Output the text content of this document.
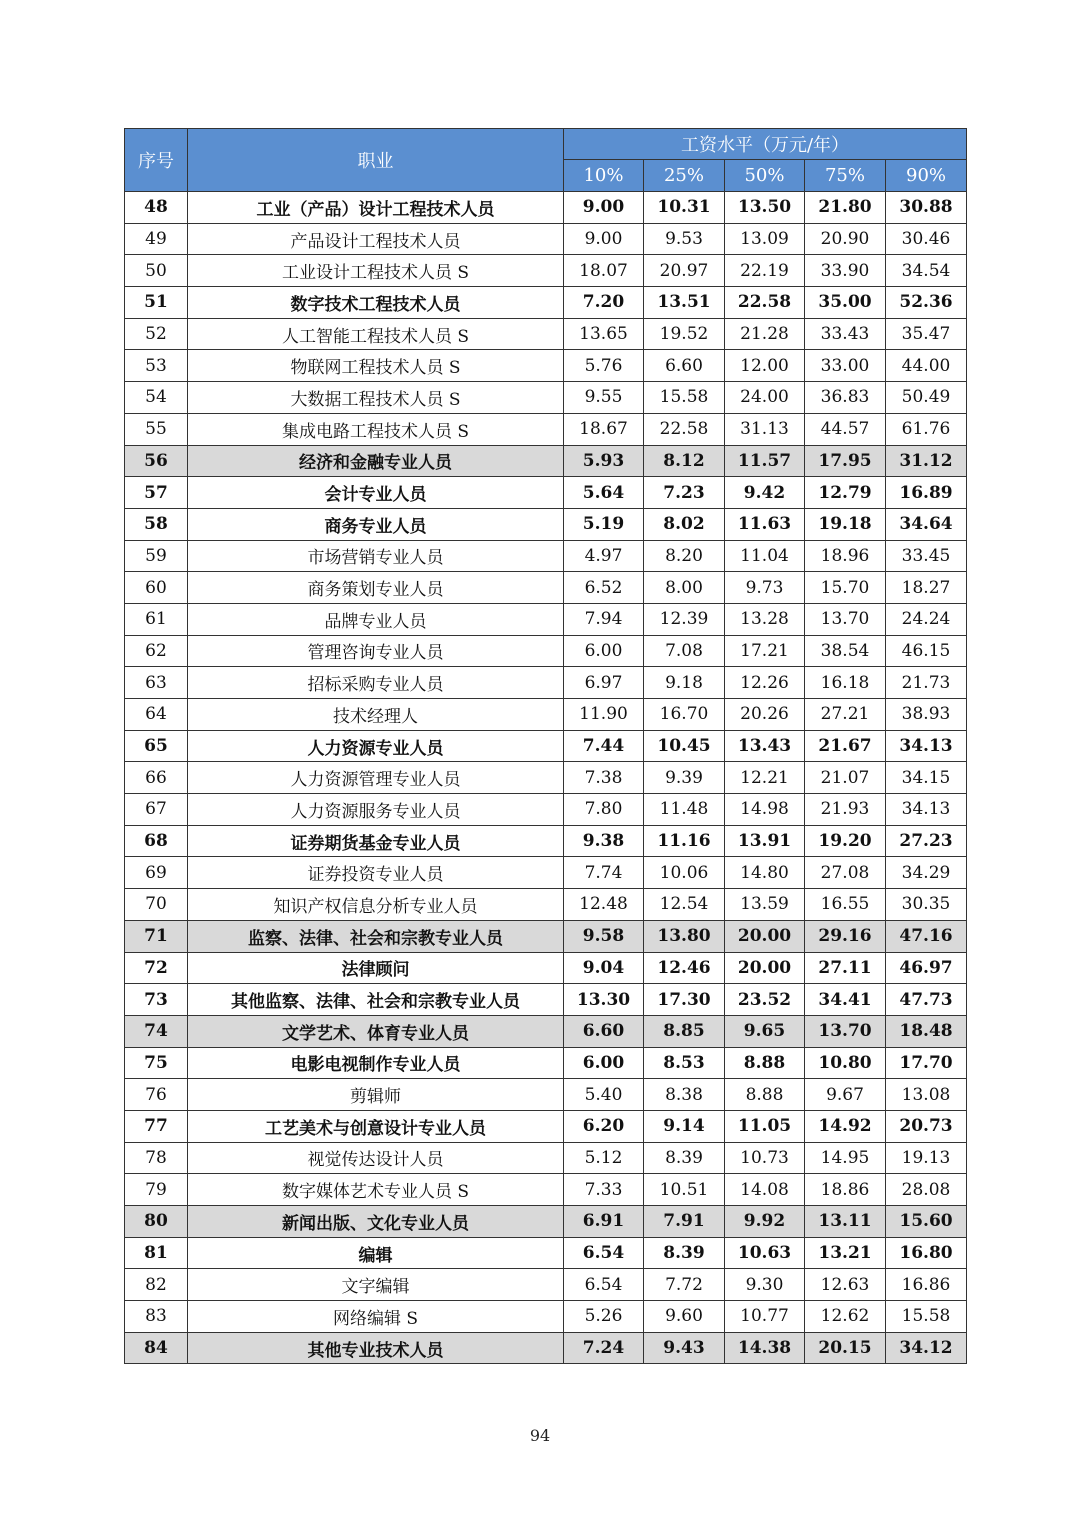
序号	职业	工资水平（万元/年）				
		10%	25%	50%	75%	90%
48	工业（产品）设计工程技术人员	9.00	10.31	13.50	21.80	30.88
49	产品设计工程技术人员	9.00	9.53	13.09	20.90	30.46
50	工业设计工程技术人员 S	18.07	20.97	22.19	33.90	34.54
51	数字技术工程技术人员	7.20	13.51	22.58	35.00	52.36
52	人工智能工程技术人员 S	13.65	19.52	21.28	33.43	35.47
53	物联网工程技术人员 S	5.76	6.60	12.00	33.00	44.00
54	大数据工程技术人员 S	9.55	15.58	24.00	36.83	50.49
55	集成电路工程技术人员 S	18.67	22.58	31.13	44.57	61.76
56	经济和金融专业人员	5.93	8.12	11.57	17.95	31.12
57	会计专业人员	5.64	7.23	9.42	12.79	16.89
58	商务专业人员	5.19	8.02	11.63	19.18	34.64
59	市场营销专业人员	4.97	8.20	11.04	18.96	33.45
60	商务策划专业人员	6.52	8.00	9.73	15.70	18.27
61	品牌专业人员	7.94	12.39	13.28	13.70	24.24
62	管理咨询专业人员	6.00	7.08	17.21	38.54	46.15
63	招标采购专业人员	6.97	9.18	12.26	16.18	21.73
64	技术经理人	11.90	16.70	20.26	27.21	38.93
65	人力资源专业人员	7.44	10.45	13.43	21.67	34.13
66	人力资源管理专业人员	7.38	9.39	12.21	21.07	34.15
67	人力资源服务专业人员	7.80	11.48	14.98	21.93	34.13
68	证券期货基金专业人员	9.38	11.16	13.91	19.20	27.23
69	证券投资专业人员	7.74	10.06	14.80	27.08	34.29
70	知识产权信息分析专业人员	12.48	12.54	13.59	16.55	30.35
71	监察、法律、社会和宗教专业人员	9.58	13.80	20.00	29.16	47.16
72	法律顾问	9.04	12.46	20.00	27.11	46.97
73	其他监察、法律、社会和宗教专业人员	13.30	17.30	23.52	34.41	47.73
74	文学艺术、体育专业人员	6.60	8.85	9.65	13.70	18.48
75	电影电视制作专业人员	6.00	8.53	8.88	10.80	17.70
76	剪辑师	5.40	8.38	8.88	9.67	13.08
77	工艺美术与创意设计专业人员	6.20	9.14	11.05	14.92	20.73
78	视觉传达设计人员	5.12	8.39	10.73	14.95	19.13
79	数字媒体艺术专业人员 S	7.33	10.51	14.08	18.86	28.08
80	新闻出版、文化专业人员	6.91	7.91	9.92	13.11	15.60
81	编辑	6.54	8.39	10.63	13.21	16.80
82	文字编辑	6.54	7.72	9.30	12.63	16.86
83	网络编辑 S	5.26	9.60	10.77	12.62	15.58
84	其他专业技术人员	7.24	9.43	14.38	20.15	34.12
94
